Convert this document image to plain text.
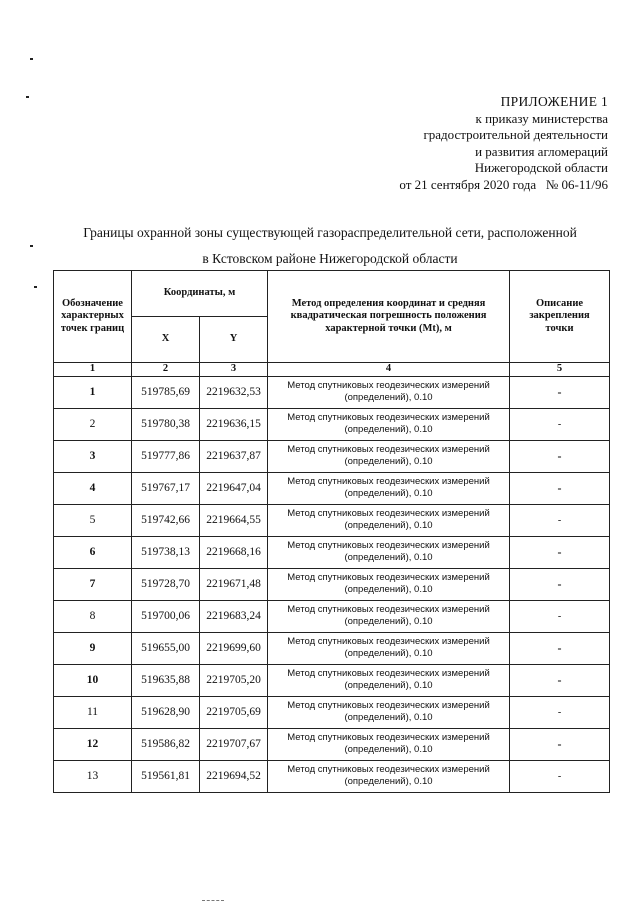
ПРИЛОЖЕНИЕ 1
к приказу министерства
градостроительной деятельности
и развития агломераций
Нижегородской области
от 21 сентября 2020 года   № 06-11/96
Границы охранной зоны существующей газораспределительной сети, расположенной
в Кстовском районе Нижегородской области
Обозначение характерных точек границ	Координаты, м		Метод определения координат и средняя квадратическая погрешность положения характерной точки (Mt), м	Описание закрепления точки
	X	Y		
1	2	3	4	5
1	519785,69	2219632,53	Метод спутниковых геодезических измерений (определений), 0.10	-
2	519780,38	2219636,15	Метод спутниковых геодезических измерений (определений), 0.10	-
3	519777,86	2219637,87	Метод спутниковых геодезических измерений (определений), 0.10	-
4	519767,17	2219647,04	Метод спутниковых геодезических измерений (определений), 0.10	-
5	519742,66	2219664,55	Метод спутниковых геодезических измерений (определений), 0.10	-
6	519738,13	2219668,16	Метод спутниковых геодезических измерений (определений), 0.10	-
7	519728,70	2219671,48	Метод спутниковых геодезических измерений (определений), 0.10	-
8	519700,06	2219683,24	Метод спутниковых геодезических измерений (определений), 0.10	-
9	519655,00	2219699,60	Метод спутниковых геодезических измерений (определений), 0.10	-
10	519635,88	2219705,20	Метод спутниковых геодезических измерений (определений), 0.10	-
11	519628,90	2219705,69	Метод спутниковых геодезических измерений (определений), 0.10	-
12	519586,82	2219707,67	Метод спутниковых геодезических измерений (определений), 0.10	-
13	519561,81	2219694,52	Метод спутниковых геодезических измерений (определений), 0.10	-
